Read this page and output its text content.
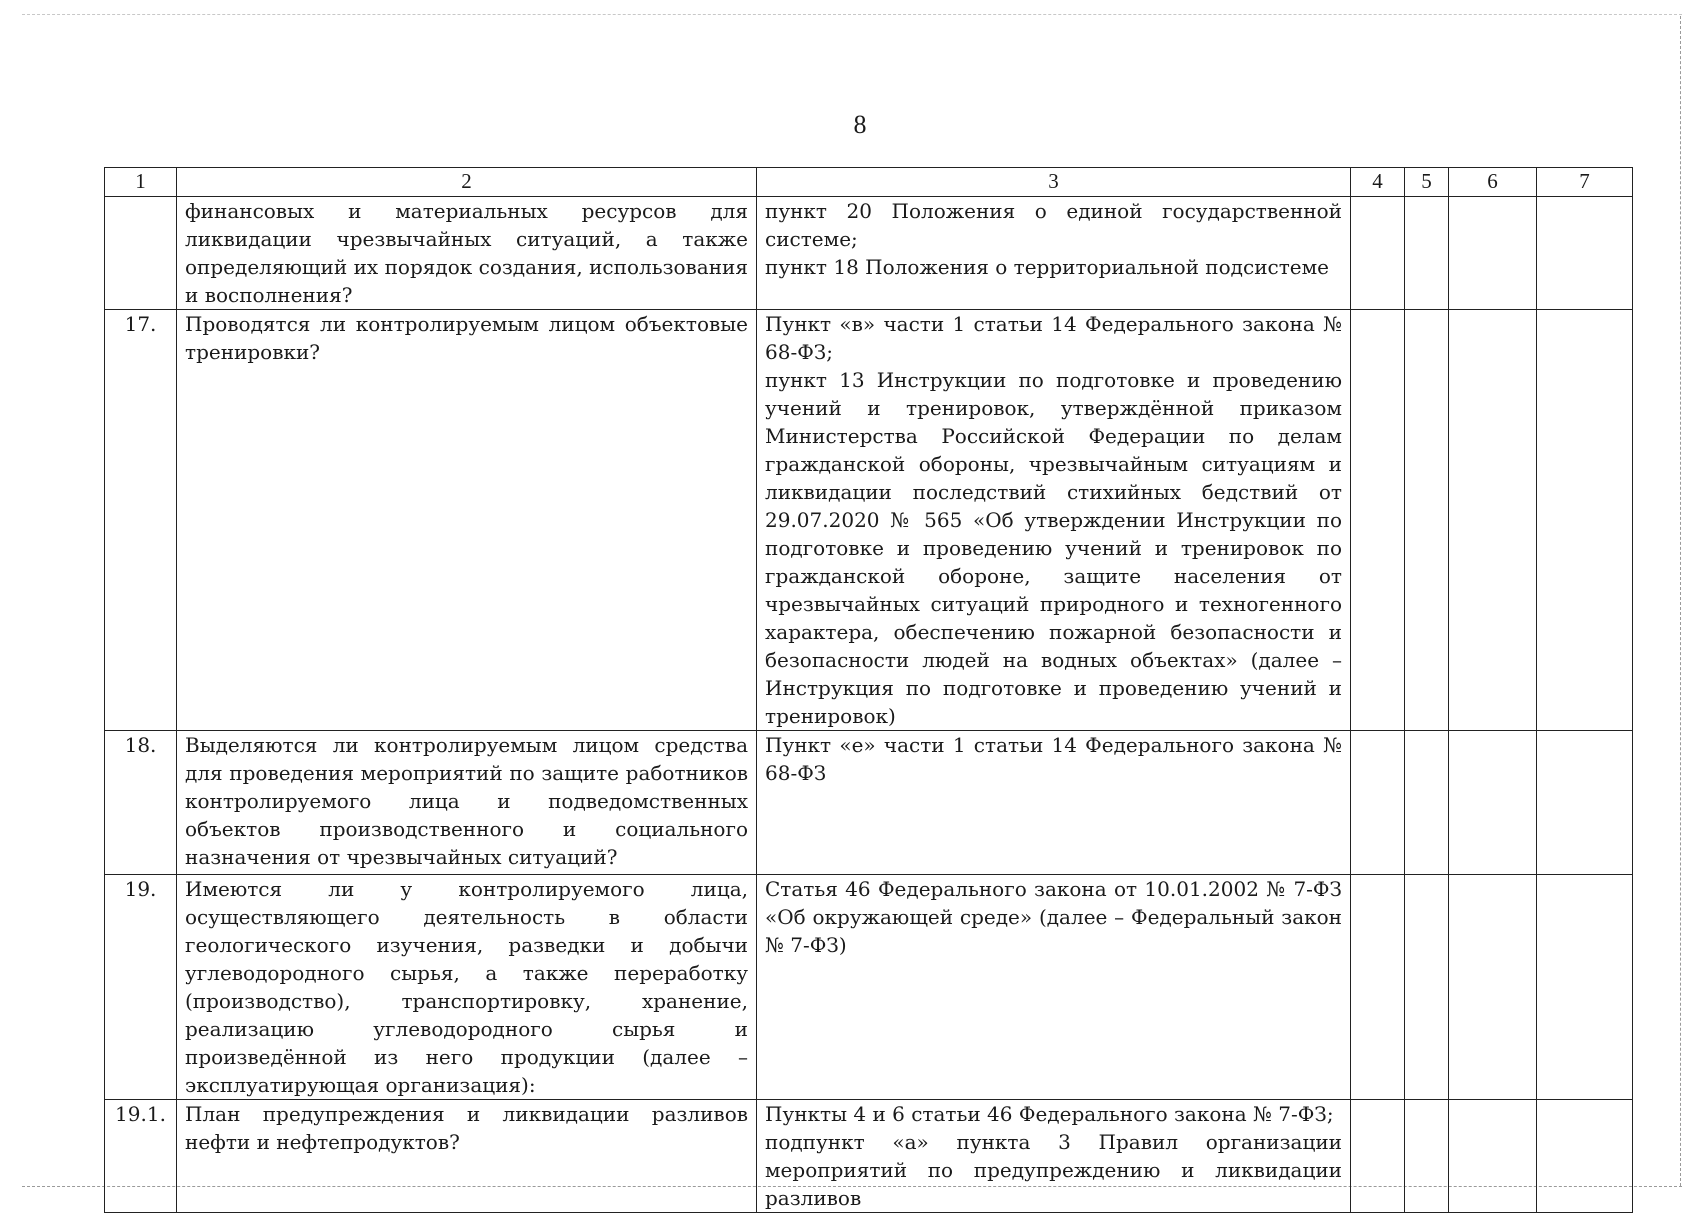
8
1	2	3	4	5	6	7
	финансовых и материальных ресурсов для ликвидации чрезвычайных ситуаций, а также определяющий их порядок создания, использования и восполнения?	пункт 20 Положения о единой государственной системе;
пункт 18 Положения о территориальной подсистеме				

17.	Проводятся ли контролируемым лицом объектовые тренировки?	Пункт «в» части 1 статьи 14 Федерального закона № 68-ФЗ;
пункт 13 Инструкции по подготовке и проведению учений и тренировок, утверждённой приказом Министерства Российской Федерации по делам гражданской обороны, чрезвычайным ситуациям и ликвидации последствий стихийных бедствий от 29.07.2020 № 565 «Об утверждении Инструкции по подготовке и проведению учений и тренировок по гражданской обороне, защите населения от чрезвычайных ситуаций природного и техногенного характера, обеспечению пожарной безопасности и безопасности людей на водных объектах» (далее – Инструкция по подготовке и проведению учений и тренировок)				

18.	Выделяются ли контролируемым лицом средства для проведения мероприятий по защите работников контролируемого лица и подведомственных объектов производственного и социального назначения от чрезвычайных ситуаций?	Пункт «е» части 1 статьи 14 Федерального закона № 68-ФЗ				

19.	Имеются ли у контролируемого лица, осуществляющего деятельность в области геологического изучения, разведки и добычи углеводородного сырья, а также переработку (производство), транспортировку, хранение, реализацию углеводородного сырья и произведённой из него продукции (далее – эксплуатирующая организация):	Статья 46 Федерального закона от 10.01.2002 № 7-ФЗ «Об окружающей среде» (далее – Федеральный закон № 7-ФЗ)				

19.1.	План предупреждения и ликвидации разливов нефти и нефтепродуктов?	Пункты 4 и 6 статьи 46 Федерального закона № 7-ФЗ;
подпункт «а» пункта 3 Правил организации мероприятий по предупреждению и ликвидации разливов				
